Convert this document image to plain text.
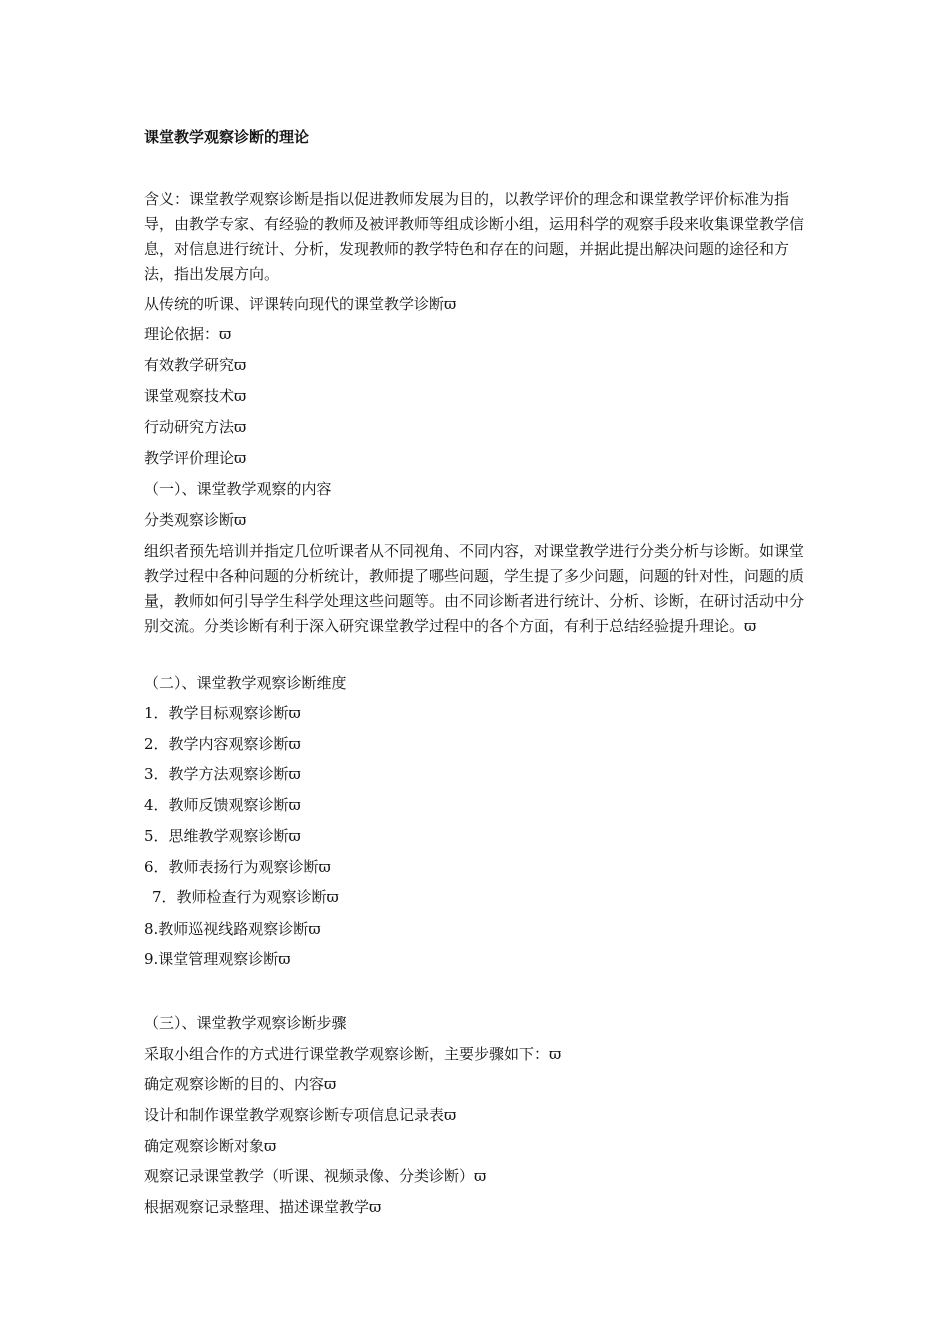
课堂教学观察诊断的理论

含义：课堂教学观察诊断是指以促进教师发展为目的，以教学评价的理念和课堂教学评价标准为指导，由教学专家、有经验的教师及被评教师等组成诊断小组，运用科学的观察手段来收集课堂教学信息，对信息进行统计、分析，发现教师的教学特色和存在的问题，并据此提出解决问题的途径和方法，指出发展方向。

从传统的听课、评课转向现代的课堂教学诊断ϖ
理论依据：ϖ
有效教学研究ϖ
课堂观察技术ϖ
行动研究方法ϖ
教学评价理论ϖ
（一）、课堂教学观察的内容
分类观察诊断ϖ

组织者预先培训并指定几位听课者从不同视角、不同内容，对课堂教学进行分类分析与诊断。如课堂教学过程中各种问题的分析统计，教师提了哪些问题，学生提了多少问题，问题的针对性，问题的质量，教师如何引导学生科学处理这些问题等。由不同诊断者进行统计、分析、诊断，在研讨活动中分别交流。分类诊断有利于深入研究课堂教学过程中的各个方面，有利于总结经验提升理论。ϖ

（二）、课堂教学观察诊断维度
1．教学目标观察诊断ϖ
2．教学内容观察诊断ϖ
3．教学方法观察诊断ϖ
4．教师反馈观察诊断ϖ
5．思维教学观察诊断ϖ
6．教师表扬行为观察诊断ϖ
7．教师检查行为观察诊断ϖ
8.教师巡视线路观察诊断ϖ
9.课堂管理观察诊断ϖ
（三）、课堂教学观察诊断步骤
采取小组合作的方式进行课堂教学观察诊断，主要步骤如下：ϖ
确定观察诊断的目的、内容ϖ
设计和制作课堂教学观察诊断专项信息记录表ϖ
确定观察诊断对象ϖ
观察记录课堂教学（听课、视频录像、分类诊断）ϖ
根据观察记录整理、描述课堂教学ϖ
